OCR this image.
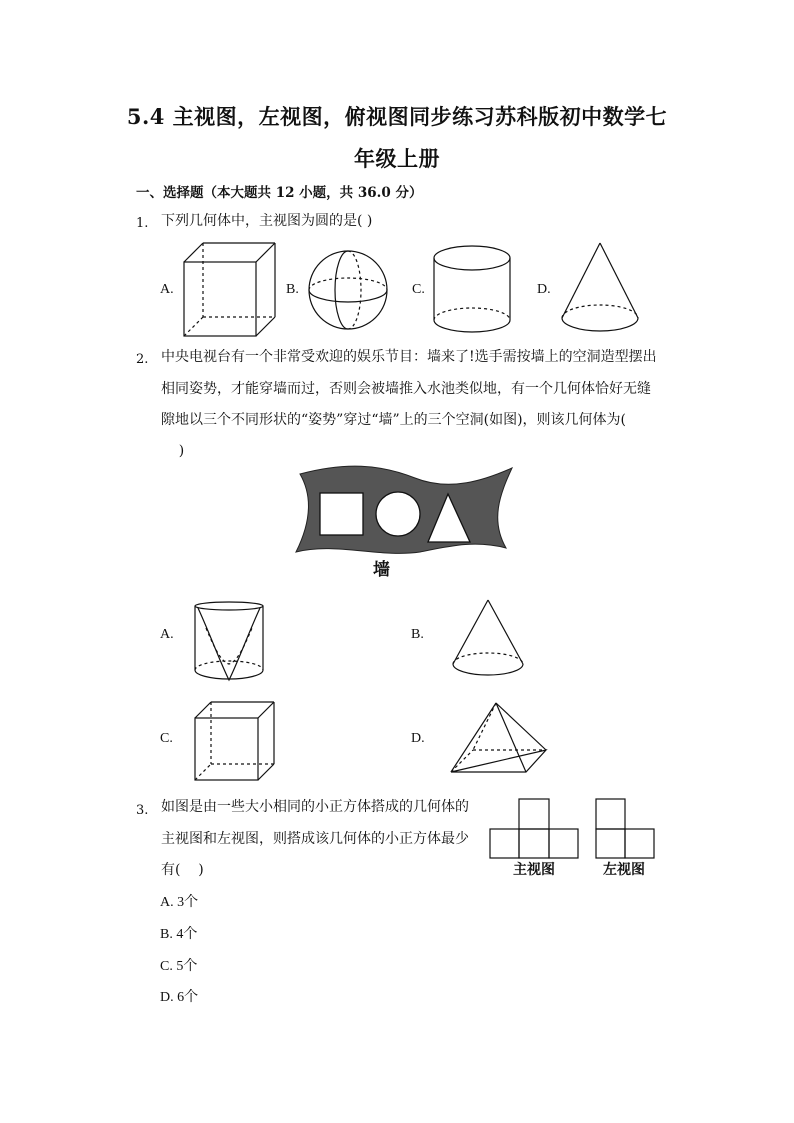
5.4 主视图，左视图，俯视图同步练习苏科版初中数学七
年级上册
一、选择题（本大题共 12 小题，共 36.0 分）
1. 下列几何体中，主视图为圆的是( )
A.	B.	C.	D.
2. 中央电视台有一个非常受欢迎的娱乐节目：墙来了!选手需按墙上的空洞造型摆出
相同姿势，才能穿墙而过，否则会被墙推入水池类似地，有一个几何体恰好无缝
隙地以三个不同形状的“姿势”穿过“墙”上的三个空洞(如图)，则该几何体为(
)
墙
A.	B.
C.	D.
3. 如图是由一些大小相同的小正方体搭成的几何体的
主视图和左视图，则搭成该几何体的小正方体最少
有(    )	主视图	左视图
A. 3个
B. 4个
C. 5个
D. 6个
